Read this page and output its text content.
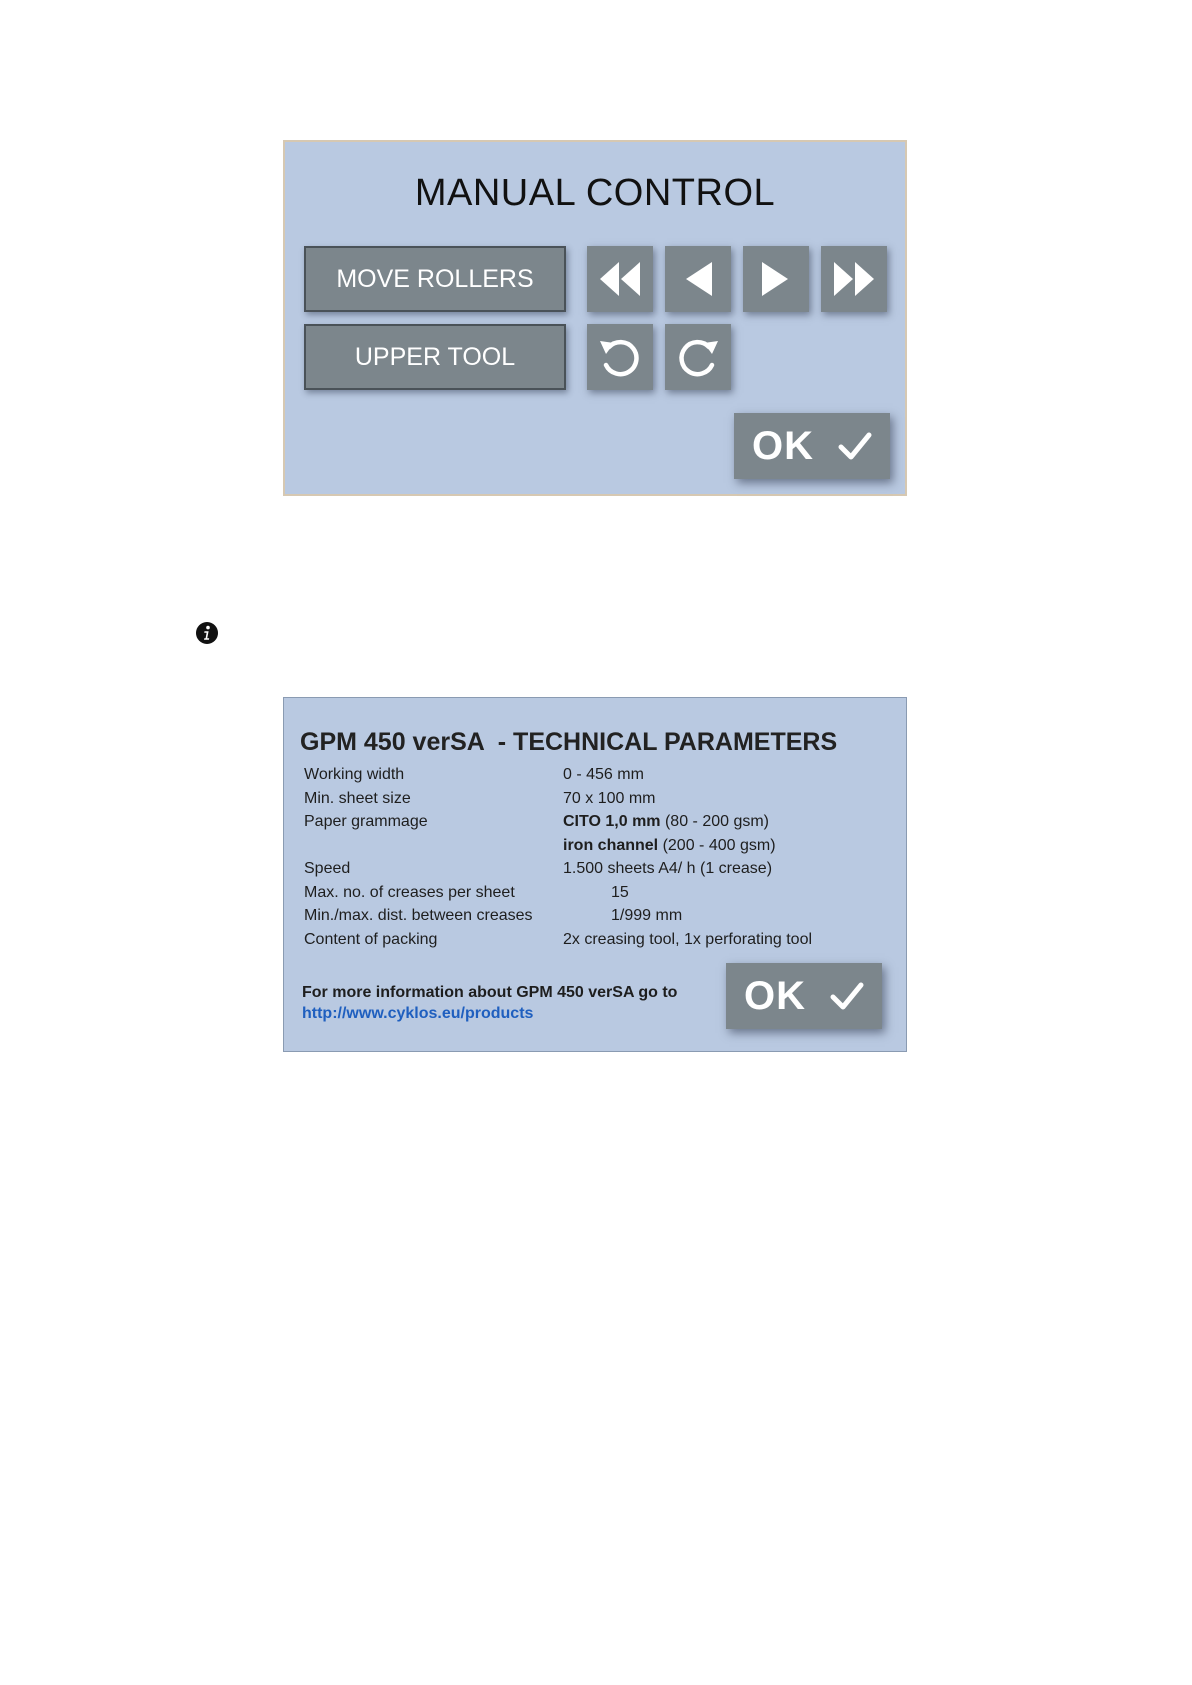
MANUAL CONTROL
MOVE ROLLERS
UPPER TOOL
OK
GPM 450 verSA  - TECHNICAL PARAMETERS
Working width	0 - 456 mm
Min. sheet size	70 x 100 mm
Paper grammage	CITO 1,0 mm (80 - 200 gsm)
iron channel (200 - 400 gsm)
Speed	1.500 sheets A4/ h (1 crease)
Max. no. of creases per sheet	15
Min./max. dist. between creases	1/999 mm
Content of packing	2x creasing tool, 1x perforating tool
For more information about GPM 450 verSA go to
http://www.cyklos.eu/products	OK
